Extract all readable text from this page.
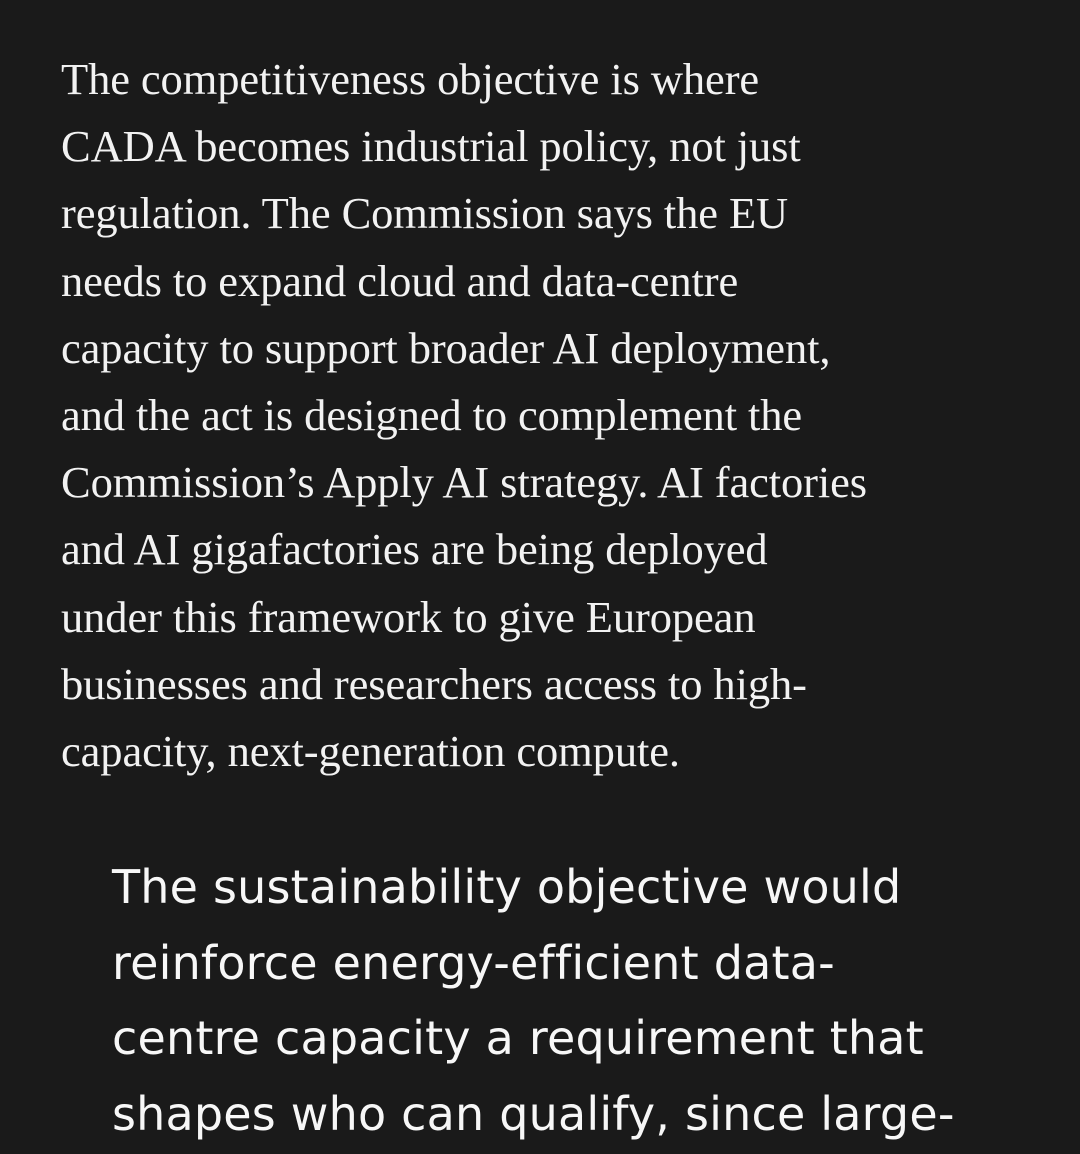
The competitiveness objective is where
CADA becomes industrial policy, not just
regulation. The Commission says the EU
needs to expand cloud and data-centre
capacity to support broader AI deployment,
and the act is designed to complement the
Commission’s Apply AI strategy. AI factories
and AI gigafactories are being deployed
under this framework to give European
businesses and researchers access to high-
capacity, next-generation compute.

The sustainability objective would
reinforce energy-efficient data-
centre capacity a requirement that
shapes who can qualify, since large-
